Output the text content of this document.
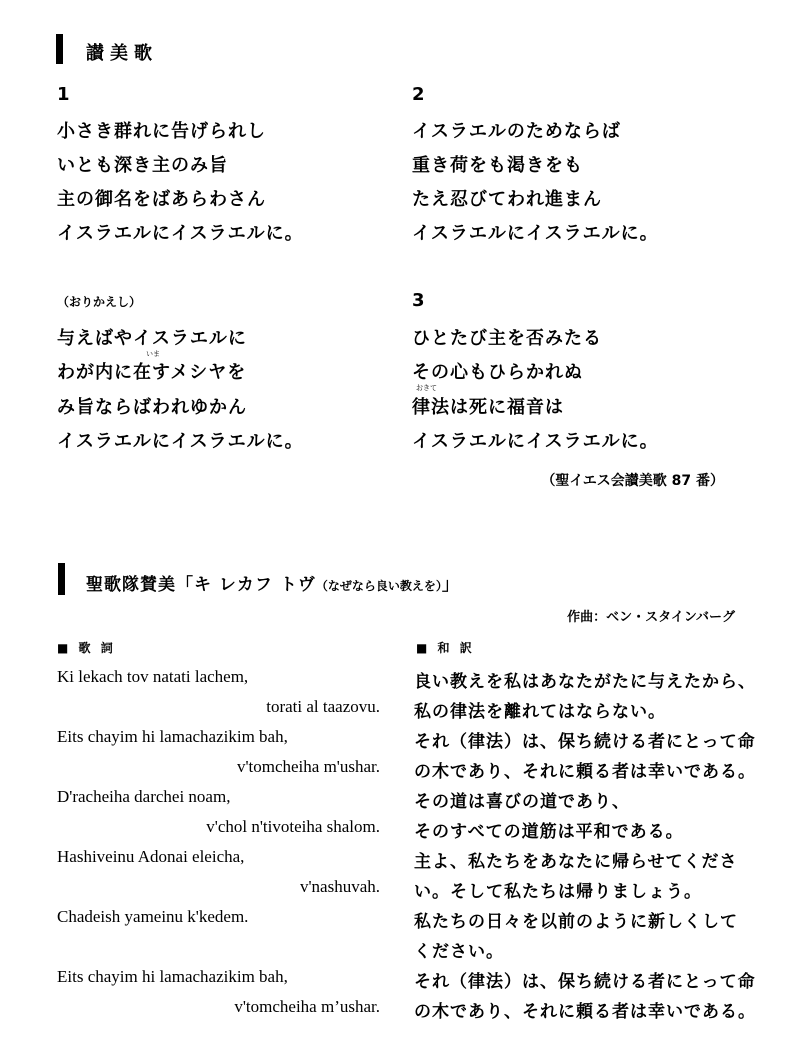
讃美歌
1
小さき群れに告げられし
いとも深き主のみ旨
主の御名をばあらわさん
イスラエルにイスラエルに。
2
イスラエルのためならば
重き荷をも渇きをも
たえ忍びてわれ進まん
イスラエルにイスラエルに。
（おりかえし）
与えばやイスラエルに
いま
わが内に在すメシヤを
み旨ならばわれゆかん
イスラエルにイスラエルに。
3
ひとたび主を否みたる
その心もひらかれぬ
おきて
律法は死に福音は
イスラエルにイスラエルに。
（聖イエス会讃美歌 87 番）
聖歌隊賛美「キ レカフ トヴ（なぜなら良い教えを）」
作曲：ベン・スタインバーグ
■ 歌 詞	■ 和 訳
Ki lekach tov natati lachem,
torati al taazovu.
Eits chayim hi lamachazikim bah,
v'tomcheiha m'ushar.
D'racheiha darchei noam,
v'chol n'tivoteiha shalom.
Hashiveinu Adonai eleicha,
v'nashuvah.
Chadeish yameinu k'kedem.
Eits chayim hi lamachazikim bah,
v'tomcheiha m’ushar.
良い教えを私はあなたがたに与えたから、
私の律法を離れてはならない。
それ（律法）は、保ち続ける者にとって命
の木であり、それに頼る者は幸いである。
その道は喜びの道であり、
そのすべての道筋は平和である。
主よ、私たちをあなたに帰らせてくださ
い。そして私たちは帰りましょう。
私たちの日々を以前のように新しくして
ください。
それ（律法）は、保ち続ける者にとって命
の木であり、それに頼る者は幸いである。
